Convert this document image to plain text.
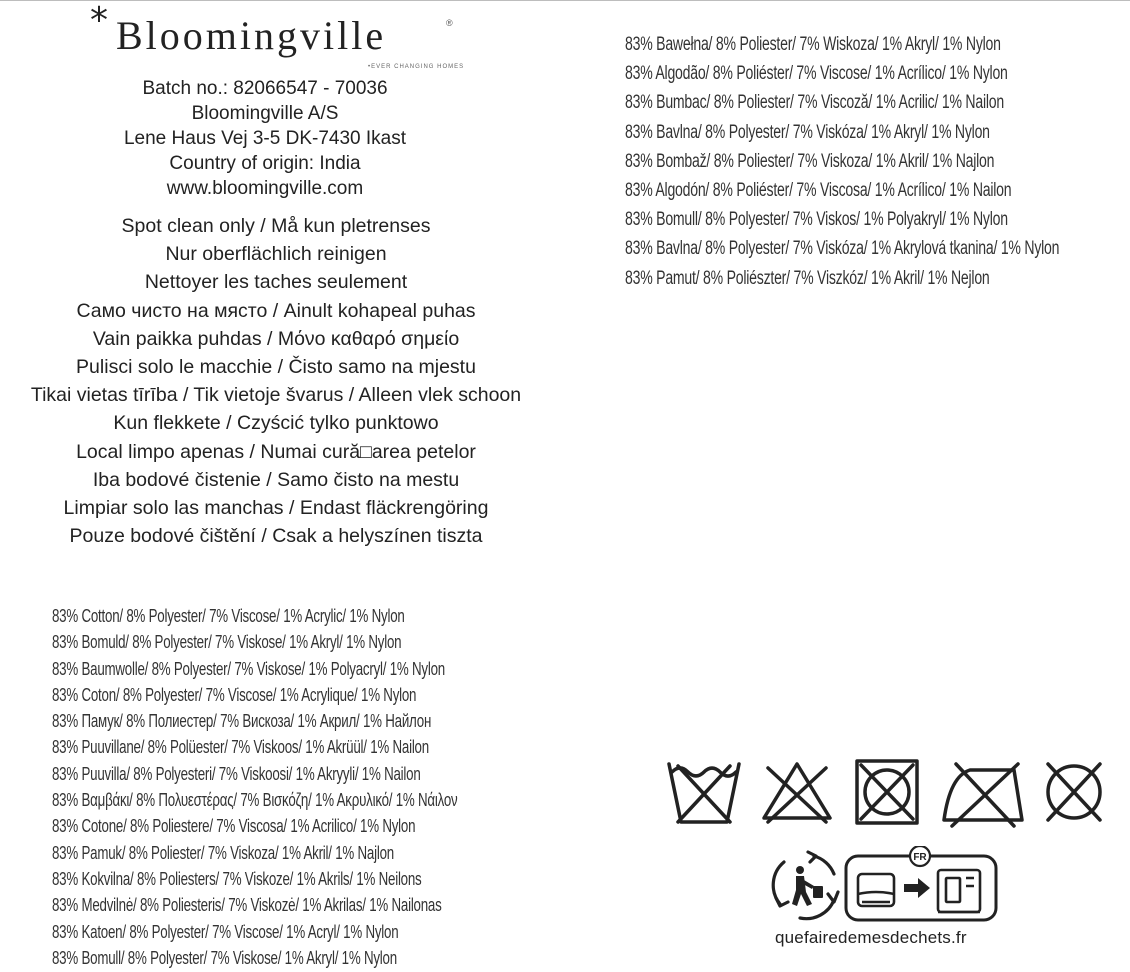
* Bloomingville	®
•EVER CHANGING HOMES
Batch no.: 82066547 - 70036
Bloomingville A/S
Lene Haus Vej 3-5 DK-7430 Ikast
Country of origin: India
www.bloomingville.com
Spot clean only / Må kun pletrenses
Nur oberflächlich reinigen
Nettoyer les taches seulement
Само чисто на място / Ainult kohapeal puhas
Vain paikka puhdas / Μόνο καθαρό σημείο
Pulisci solo le macchie / Čisto samo na mjestu
Tikai vietas tīrība / Tik vietoje švarus / Alleen vlek schoon
Kun flekkete / Czyścić tylko punktowo
Local limpo apenas / Numai cură□area petelor
Iba bodové čistenie / Samo čisto na mestu
Limpiar solo las manchas / Endast fläckrengöring
Pouze bodové čištění / Csak a helyszínen tiszta
83% Bawełna/ 8% Poliester/ 7% Wiskoza/ 1% Akryl/ 1% Nylon
83% Algodão/ 8% Poliéster/ 7% Viscose/ 1% Acrílico/ 1% Nylon
83% Bumbac/ 8% Poliester/ 7% Viscoză/ 1% Acrilic/ 1% Nailon
83% Bavlna/ 8% Polyester/ 7% Viskóza/ 1% Akryl/ 1% Nylon
83% Bombaž/ 8% Poliester/ 7% Viskoza/ 1% Akril/ 1% Najlon
83% Algodón/ 8% Poliéster/ 7% Viscosa/ 1% Acrílico/ 1% Nailon
83% Bomull/ 8% Polyester/ 7% Viskos/ 1% Polyakryl/ 1% Nylon
83% Bavlna/ 8% Polyester/ 7% Viskóza/ 1% Akrylová tkanina/ 1% Nylon
83% Pamut/ 8% Poliészter/ 7% Viszkóz/ 1% Akril/ 1% Nejlon
83% Cotton/ 8% Polyester/ 7% Viscose/ 1% Acrylic/ 1% Nylon
83% Bomuld/ 8% Polyester/ 7% Viskose/ 1% Akryl/ 1% Nylon
83% Baumwolle/ 8% Polyester/ 7% Viskose/ 1% Polyacryl/ 1% Nylon
83% Coton/ 8% Polyester/ 7% Viscose/ 1% Acrylique/ 1% Nylon
83% Памук/ 8% Полиестер/ 7% Вискоза/ 1% Акрил/ 1% Найлон
83% Puuvillane/ 8% Polüester/ 7% Viskoos/ 1% Akrüül/ 1% Nailon
83% Puuvilla/ 8% Polyesteri/ 7% Viskoosi/ 1% Akryyli/ 1% Nailon
83% Βαμβάκι/ 8% Πολυεστέρας/ 7% Βισκόζη/ 1% Ακρυλικό/ 1% Νάιλον
83% Cotone/ 8% Poliestere/ 7% Viscosa/ 1% Acrilico/ 1% Nylon
83% Pamuk/ 8% Poliester/ 7% Viskoza/ 1% Akril/ 1% Najlon
83% Kokvilna/ 8% Poliesters/ 7% Viskoze/ 1% Akrils/ 1% Neilons
83% Medvilnė/ 8% Poliesteris/ 7% Viskozė/ 1% Akrilas/ 1% Nailonas
83% Katoen/ 8% Polyester/ 7% Viscose/ 1% Acryl/ 1% Nylon
83% Bomull/ 8% Polyester/ 7% Viskose/ 1% Akryl/ 1% Nylon
FR
quefairedemesdechets.fr
